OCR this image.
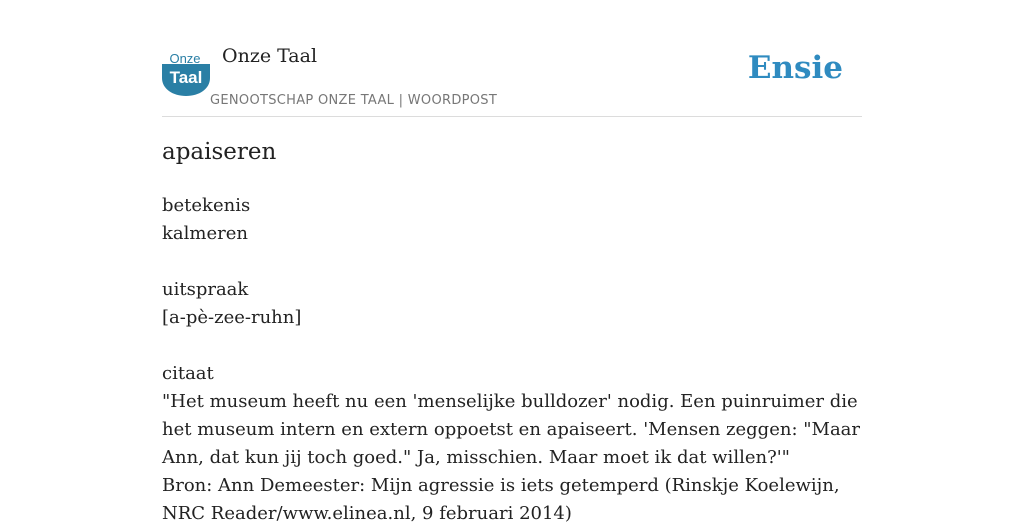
Onze
Taal
Onze Taal
GENOOTSCHAP ONZE TAAL | WOORDPOST
Ensie
apaiseren
betekenis
kalmeren
uitspraak
[a-pè-zee-ruhn]
citaat
"Het museum heeft nu een 'menselijke bulldozer' nodig. Een puinruimer die het museum intern en extern oppoetst en apaiseert. 'Mensen zeggen: "Maar Ann, dat kun jij toch goed." Ja, misschien. Maar moet ik dat willen?'"
Bron: Ann Demeester: Mijn agressie is iets getemperd (Rinskje Koelewijn, NRC Reader/www.elinea.nl, 9 februari 2014)
